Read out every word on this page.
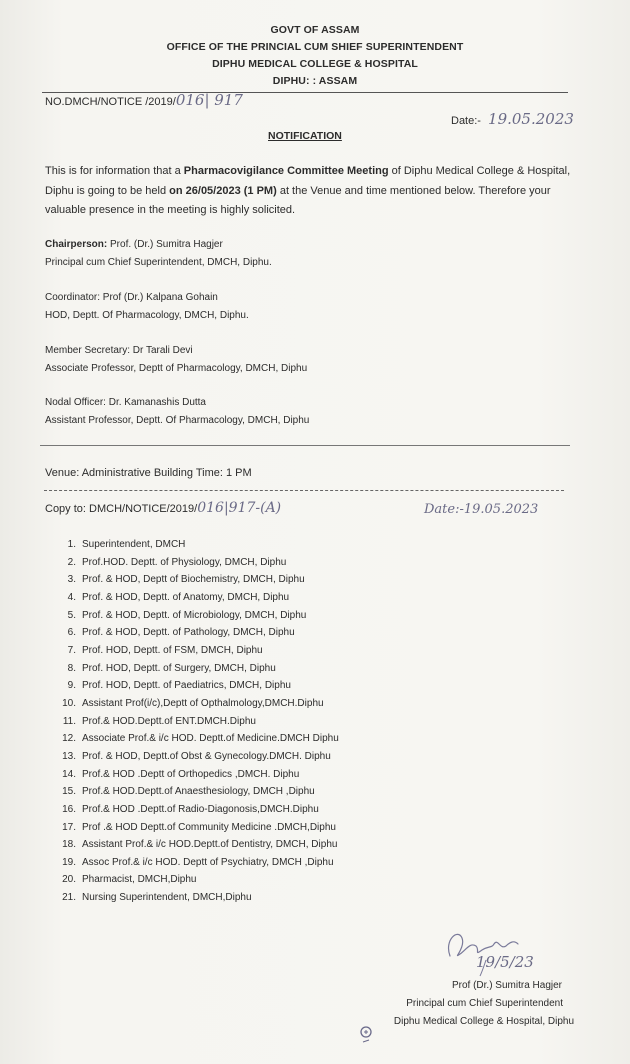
GOVT OF ASSAM
OFFICE OF THE PRINCIAL CUM SHIEF SUPERINTENDENT
DIPHU MEDICAL COLLEGE & HOSPITAL
DIPHU: : ASSAM
NO.DMCH/NOTICE /2019/016| 917
Date:- 19.05.2023
NOTIFICATION
This is for information that a Pharmacovigilance Committee Meeting of Diphu Medical College & Hospital, Diphu is going to be held on 26/05/2023 (1 PM) at the Venue and time mentioned below. Therefore your valuable presence in the meeting is highly solicited.
Chairperson: Prof. (Dr.) Sumitra Hagjer
Principal cum Chief Superintendent, DMCH, Diphu.
Coordinator: Prof (Dr.) Kalpana Gohain
HOD, Deptt. Of Pharmacology, DMCH, Diphu.
Member Secretary: Dr Tarali Devi
Associate Professor, Deptt of Pharmacology, DMCH, Diphu
Nodal Officer: Dr. Kamanashis Dutta
Assistant Professor, Deptt. Of Pharmacology, DMCH, Diphu
Venue: Administrative Building Time: 1 PM
Copy to: DMCH/NOTICE/2019/016|917-(A)	Date:-19.05.2023
1. Superintendent, DMCH
2. Prof.HOD. Deptt. of Physiology, DMCH, Diphu
3. Prof. & HOD, Deptt of Biochemistry, DMCH, Diphu
4. Prof. & HOD, Deptt. of Anatomy, DMCH, Diphu
5. Prof. & HOD, Deptt. of Microbiology, DMCH, Diphu
6. Prof. & HOD, Deptt. of Pathology, DMCH, Diphu
7. Prof. HOD, Deptt. of FSM, DMCH, Diphu
8. Prof. HOD, Deptt. of Surgery, DMCH, Diphu
9. Prof. HOD, Deptt. of Paediatrics, DMCH, Diphu
10. Assistant Prof(i/c),Deptt of Opthalmology,DMCH.Diphu
11. Prof.& HOD.Deptt.of ENT.DMCH.Diphu
12. Associate Prof.& i/c HOD. Deptt.of Medicine.DMCH Diphu
13. Prof. & HOD, Deptt.of Obst & Gynecology.DMCH. Diphu
14. Prof.& HOD .Deptt of Orthopedics ,DMCH. Diphu
15. Prof.& HOD.Deptt.of Anaesthesiology, DMCH ,Diphu
16. Prof.& HOD .Deptt.of Radio-Diagonosis,DMCH.Diphu
17. Prof .& HOD Deptt.of Community Medicine .DMCH,Diphu
18. Assistant Prof.& i/c HOD.Deptt.of Dentistry, DMCH, Diphu
19. Assoc Prof.& i/c HOD. Deptt of Psychiatry, DMCH ,Diphu
20. Pharmacist, DMCH,Diphu
21. Nursing Superintendent, DMCH,Diphu
19/5/23
Prof (Dr.) Sumitra Hagjer
Principal cum Chief Superintendent
Diphu Medical College & Hospital, Diphu
